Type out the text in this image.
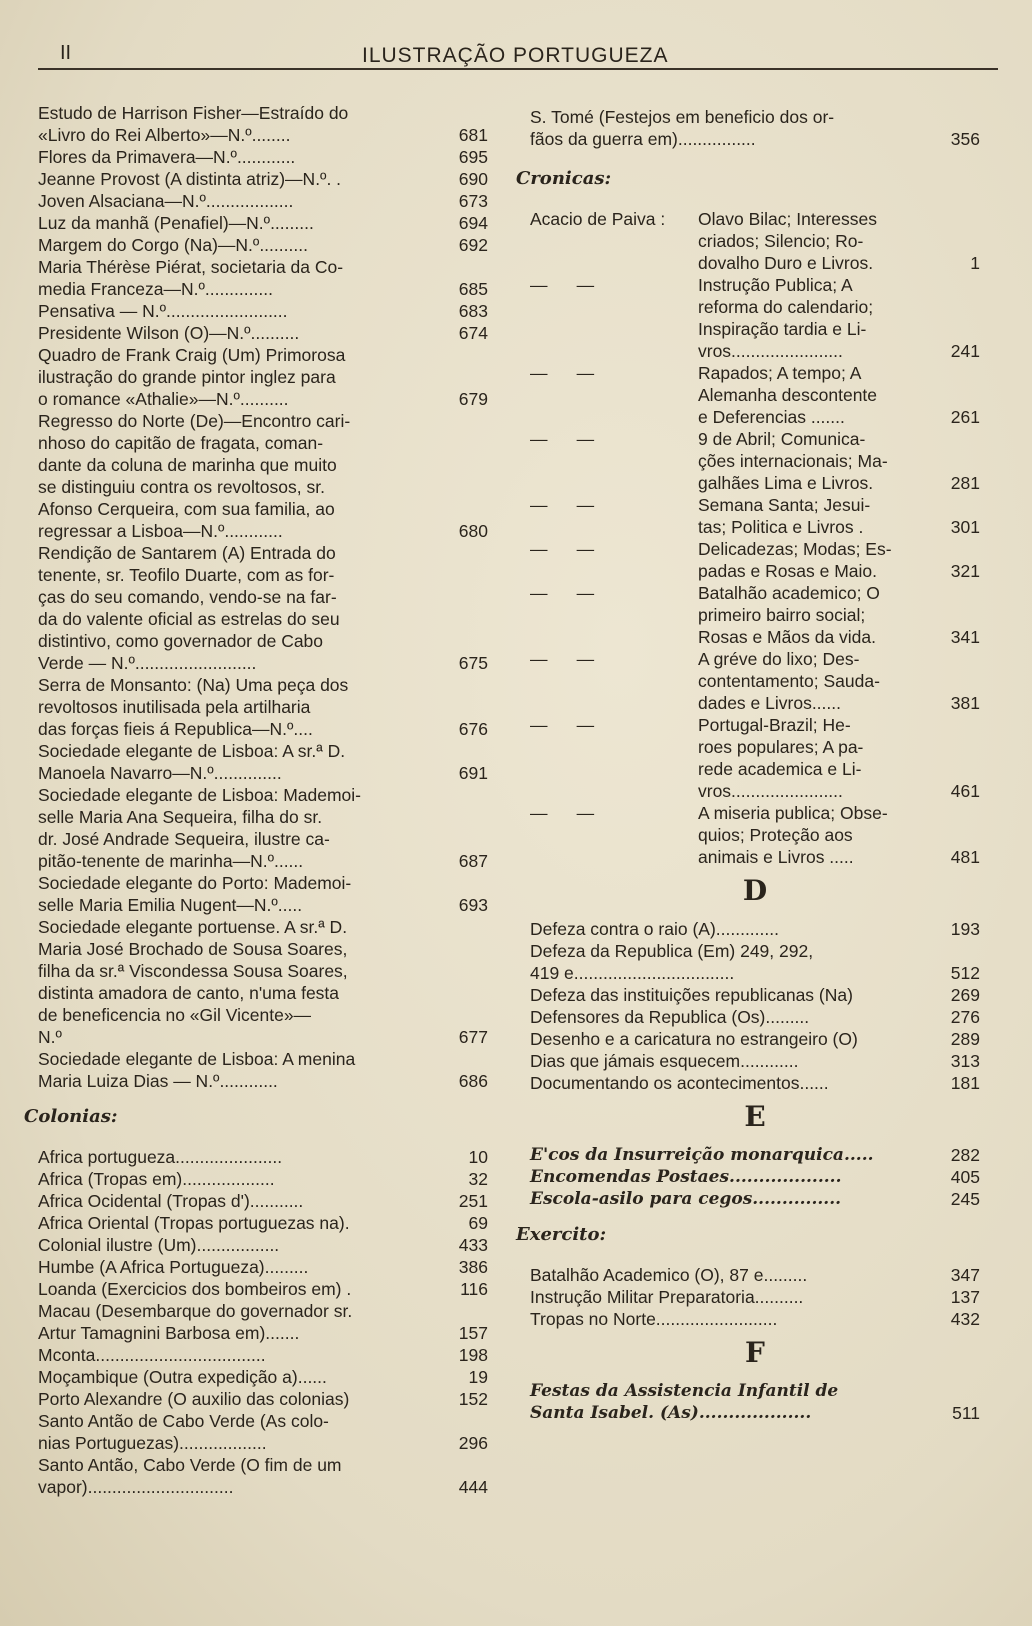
II	ILUSTRAÇÃO PORTUGUEZA
Estudo de Harrison Fisher—Estraído do
«Livro do Rei Alberto»—N.º........	681
Flores da Primavera—N.º............	695
Jeanne Provost (A distinta atriz)—N.º. .	690
Joven Alsaciana—N.º..................	673
Luz da manhã (Penafiel)—N.º.........	694
Margem do Corgo (Na)—N.º..........	692
Maria Thérèse Piérat, societaria da Co-
media Franceza—N.º..............	685
Pensativa — N.º.........................	683
Presidente Wilson (O)—N.º..........	674
Quadro de Frank Craig (Um) Primorosa
ilustração do grande pintor inglez para
o romance «Athalie»—N.º..........	679
Regresso do Norte (De)—Encontro cari-
nhoso do capitão de fragata, coman-
dante da coluna de marinha que muito
se distinguiu contra os revoltosos, sr.
Afonso Cerqueira, com sua familia, ao
regressar a Lisboa—N.º............	680
Rendição de Santarem (A) Entrada do
tenente, sr. Teofilo Duarte, com as for-
ças do seu comando, vendo-se na far-
da do valente oficial as estrelas do seu
distintivo, como governador de Cabo
Verde — N.º.........................	675
Serra de Monsanto: (Na) Uma peça dos
revoltosos inutilisada pela artilharia
das forças fieis á Republica—N.º....	676
Sociedade elegante de Lisboa: A sr.ª D.
Manoela Navarro—N.º..............	691
Sociedade elegante de Lisboa: Mademoi-
selle Maria Ana Sequeira, filha do sr.
dr. José Andrade Sequeira, ilustre ca-
pitão-tenente de marinha—N.º......	687
Sociedade elegante do Porto: Mademoi-
selle Maria Emilia Nugent—N.º.....	693
Sociedade elegante portuense. A sr.ª D.
Maria José Brochado de Sousa Soares,
filha da sr.ª Viscondessa Sousa Soares,
distinta amadora de canto, n'uma festa
de beneficencia no «Gil Vicente»—
N.º	677
Sociedade elegante de Lisboa: A menina
Maria Luiza Dias — N.º............	686
Colonias:
Africa portugueza......................	10
Africa (Tropas em)...................	32
Africa Ocidental (Tropas d')...........	251
Africa Oriental (Tropas portuguezas na).	69
Colonial ilustre (Um).................	433
Humbe (A Africa Portugueza).........	386
Loanda (Exercicios dos bombeiros em) .	116
Macau (Desembarque do governador sr.
Artur Tamagnini Barbosa em).......	157
Mconta...................................	198
Moçambique (Outra expedição a)......	19
Porto Alexandre (O auxilio das colonias)	152
Santo Antão de Cabo Verde (As colo-
nias Portuguezas)..................	296
Santo Antão, Cabo Verde (O fim de um
vapor)..............................	444
S. Tomé (Festejos em beneficio dos or-
fãos da guerra em)................	356
Cronicas:
Acacio de Paiva :	Olavo Bilac; Interesses
criados; Silencio; Ro-
dovalho Duro e Livros.	1
—      —	Instrução Publica; A
reforma do calendario;
Inspiração tardia e Li-
vros.......................	241
—      —	Rapados; A tempo; A
Alemanha descontente
e Deferencias .......	261
—      —	9 de Abril; Comunica-
ções internacionais; Ma-
galhães Lima e Livros.	281
—      —	Semana Santa; Jesui-
tas; Politica e Livros .	301
—      —	Delicadezas; Modas; Es-
padas e Rosas e Maio.	321
—      —	Batalhão academico; O
primeiro bairro social;
Rosas e Mãos da vida.	341
—      —	A gréve do lixo; Des-
contentamento; Sauda-
dades e Livros......	381
—      —	Portugal-Brazil; He-
roes populares; A pa-
rede academica e Li-
vros.......................	461
—      —	A miseria publica; Obse-
quios; Proteção aos
animais e Livros .....	481
D
Defeza contra o raio (A).............	193
Defeza da Republica (Em) 249, 292,
419 e.................................	512
Defeza das instituições republicanas (Na)	269
Defensores da Republica (Os).........	276
Desenho e a caricatura no estrangeiro (O)	289
Dias que jámais esquecem............	313
Documentando os acontecimentos......	181
E
E'cos da Insurreição monarquica.....	282
Encomendas Postaes...................	405
Escola-asilo para cegos...............	245
Exercito:
Batalhão Academico (O), 87 e.........	347
Instrução Militar Preparatoria..........	137
Tropas no Norte.........................	432
F
Festas da Assistencia Infantil de
Santa Isabel. (As)...................	511
